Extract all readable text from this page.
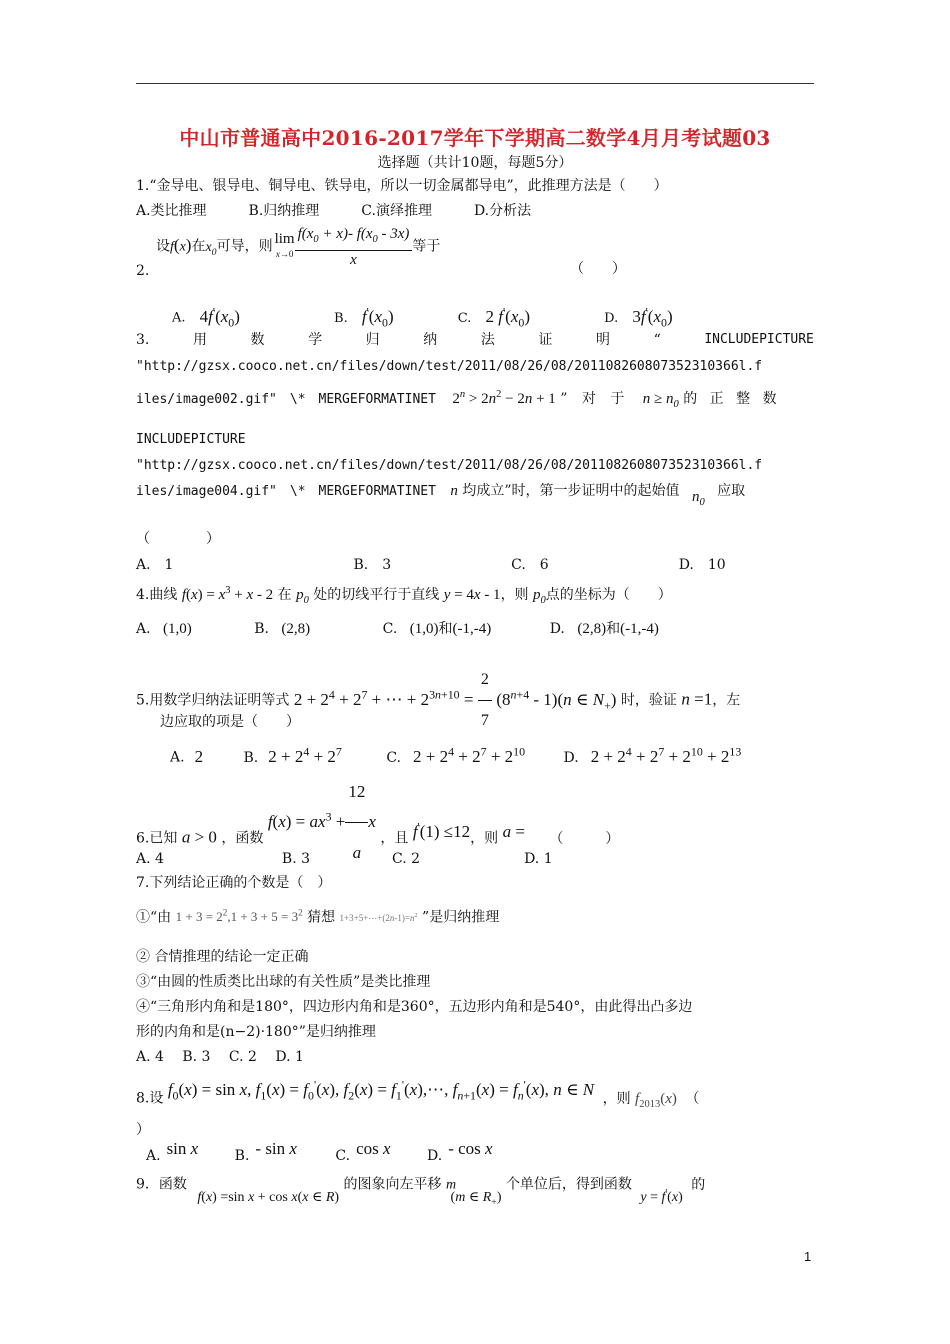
中山市普通高中2016-2017学年下学期高二数学4月月考试题03
选择题（共计10题，每题5分）
1.“金导电、银导电、铜导电、铁导电，所以一切金属都导电”，此推理方法是（　　）
A.类比推理　　　B.归纳推理　　　C.演绎推理　　　D.分析法
设f(x)在$x_0$可导，则 lim
$x\to 0 \frac{f(x_0 + x)- f(x_0 - 3x)}{x}$ 等于
2.	（　　）
A. $4f'(x_0)$	B. $f'(x_0)$	C. 2 $f'(x_0)$	D. $3f'(x_0)$
3.	用	数	学	归	纳	法	证	明	“	INCLUDEPICTURE
"http://gzsx.cooco.net.cn/files/down/test/2011/08/26/08/201108260807352310366l.f
iles/image002.gif"　\*　MERGEFORMATINET $2^n > 2n^2 - 2n + 1$ ” 对 于 $n \ge n_0$ 的 正 整 数
INCLUDEPICTURE
"http://gzsx.cooco.net.cn/files/down/test/2011/08/26/08/201108260807352310366l.f
iles/image004.gif"　\*　MERGEFORMATINET n 均成立”时，第一步证明中的起始值 $n_0$ 应取
（　　　　）
A.　1	B.　3	C.　6	D.　10
4.曲线 $f(x) = x^3 + x - 2$ 在 $p_0$ 处的切线平行于直线 y = 4x - 1，则 $p_0$点的坐标为（　　）
A. (1,0)	B. (2,8)	C. (1,0)和(-1,-4)	D. (2,8)和(-1,-4)
5.用数学归纳法证明等式 $2 + 2^4 + 2^7$ + ⋯ + $2^{3n+10} = \frac{2}{7} (8^{n+4} - 1)(n$ ∈ $N_+$) 时，验证 n =1，左
边应取的项是（　　）
A. 2	B. $2 + 2^4 + 2^7$	C. $2 + 2^4 + 2^7 + 2^{10}$	D. $2 + 2^4 + 2^7 + 2^{10} + 2^{13}$
6.已知 a > 0 ，函数 $f(x) = ax^3 + \frac{12}{a}$ x ，且 f'(1) ≤12，则 a = （　　　）
A. 4	B. 3	C. 2	D. 1
7.下列结论正确的个数是（　）
①“由 $1 + 3 = 2^2,1 + 3 + 5 = 3^2$ 猜想 $1+3+5+\cdots+(2n-1)=n^2$ ”是归纳推理
② 合情推理的结论一定正确
③“由圆的性质类比出球的有关性质”是类比推理
④“三角形内角和是180°，四边形内角和是360°，五边形内角和是540°，由此得出凸多边
形的内角和是(n−2)·180°”是归纳推理
A. 4　 B. 3　 C. 2　 D. 1
8.设 $f_0(x) = \sin x$, $f_1(x) = f_0'(x)$, $f_2(x)$ = $f_1'(x),\cdots$, $f_{n+1}(x) = f_n'(x)$, n ∈ N ，则 $f_{2013}(x)$ （
）
A. sin x	B. - sin x	C. cos x	D. - cos x
9．函数 f(x) =sin x + cos x(x ∈ R) 的图象向左平移 m (m ∈ $R_+$) 个单位后，得到函数 y = f'(x) 的
1
